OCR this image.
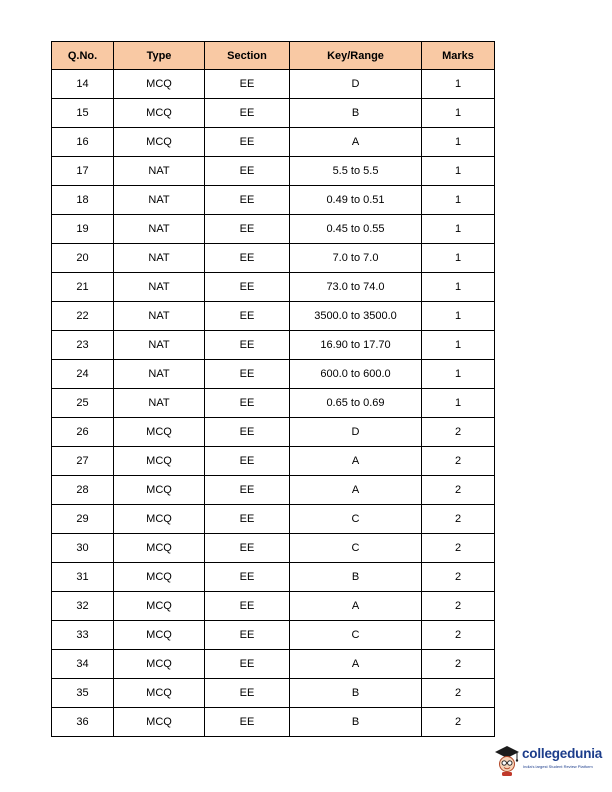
Q.No.	Type	Section	Key/Range	Marks
14	MCQ	EE	D	1
15	MCQ	EE	B	1
16	MCQ	EE	A	1
17	NAT	EE	5.5 to 5.5	1
18	NAT	EE	0.49 to 0.51	1
19	NAT	EE	0.45 to 0.55	1
20	NAT	EE	7.0 to 7.0	1
21	NAT	EE	73.0 to 74.0	1
22	NAT	EE	3500.0 to 3500.0	1
23	NAT	EE	16.90 to 17.70	1
24	NAT	EE	600.0 to 600.0	1
25	NAT	EE	0.65 to 0.69	1
26	MCQ	EE	D	2
27	MCQ	EE	A	2
28	MCQ	EE	A	2
29	MCQ	EE	C	2
30	MCQ	EE	C	2
31	MCQ	EE	B	2
32	MCQ	EE	A	2
33	MCQ	EE	C	2
34	MCQ	EE	A	2
35	MCQ	EE	B	2
36	MCQ	EE	B	2
collegedunia
India's largest Student Review Platform
